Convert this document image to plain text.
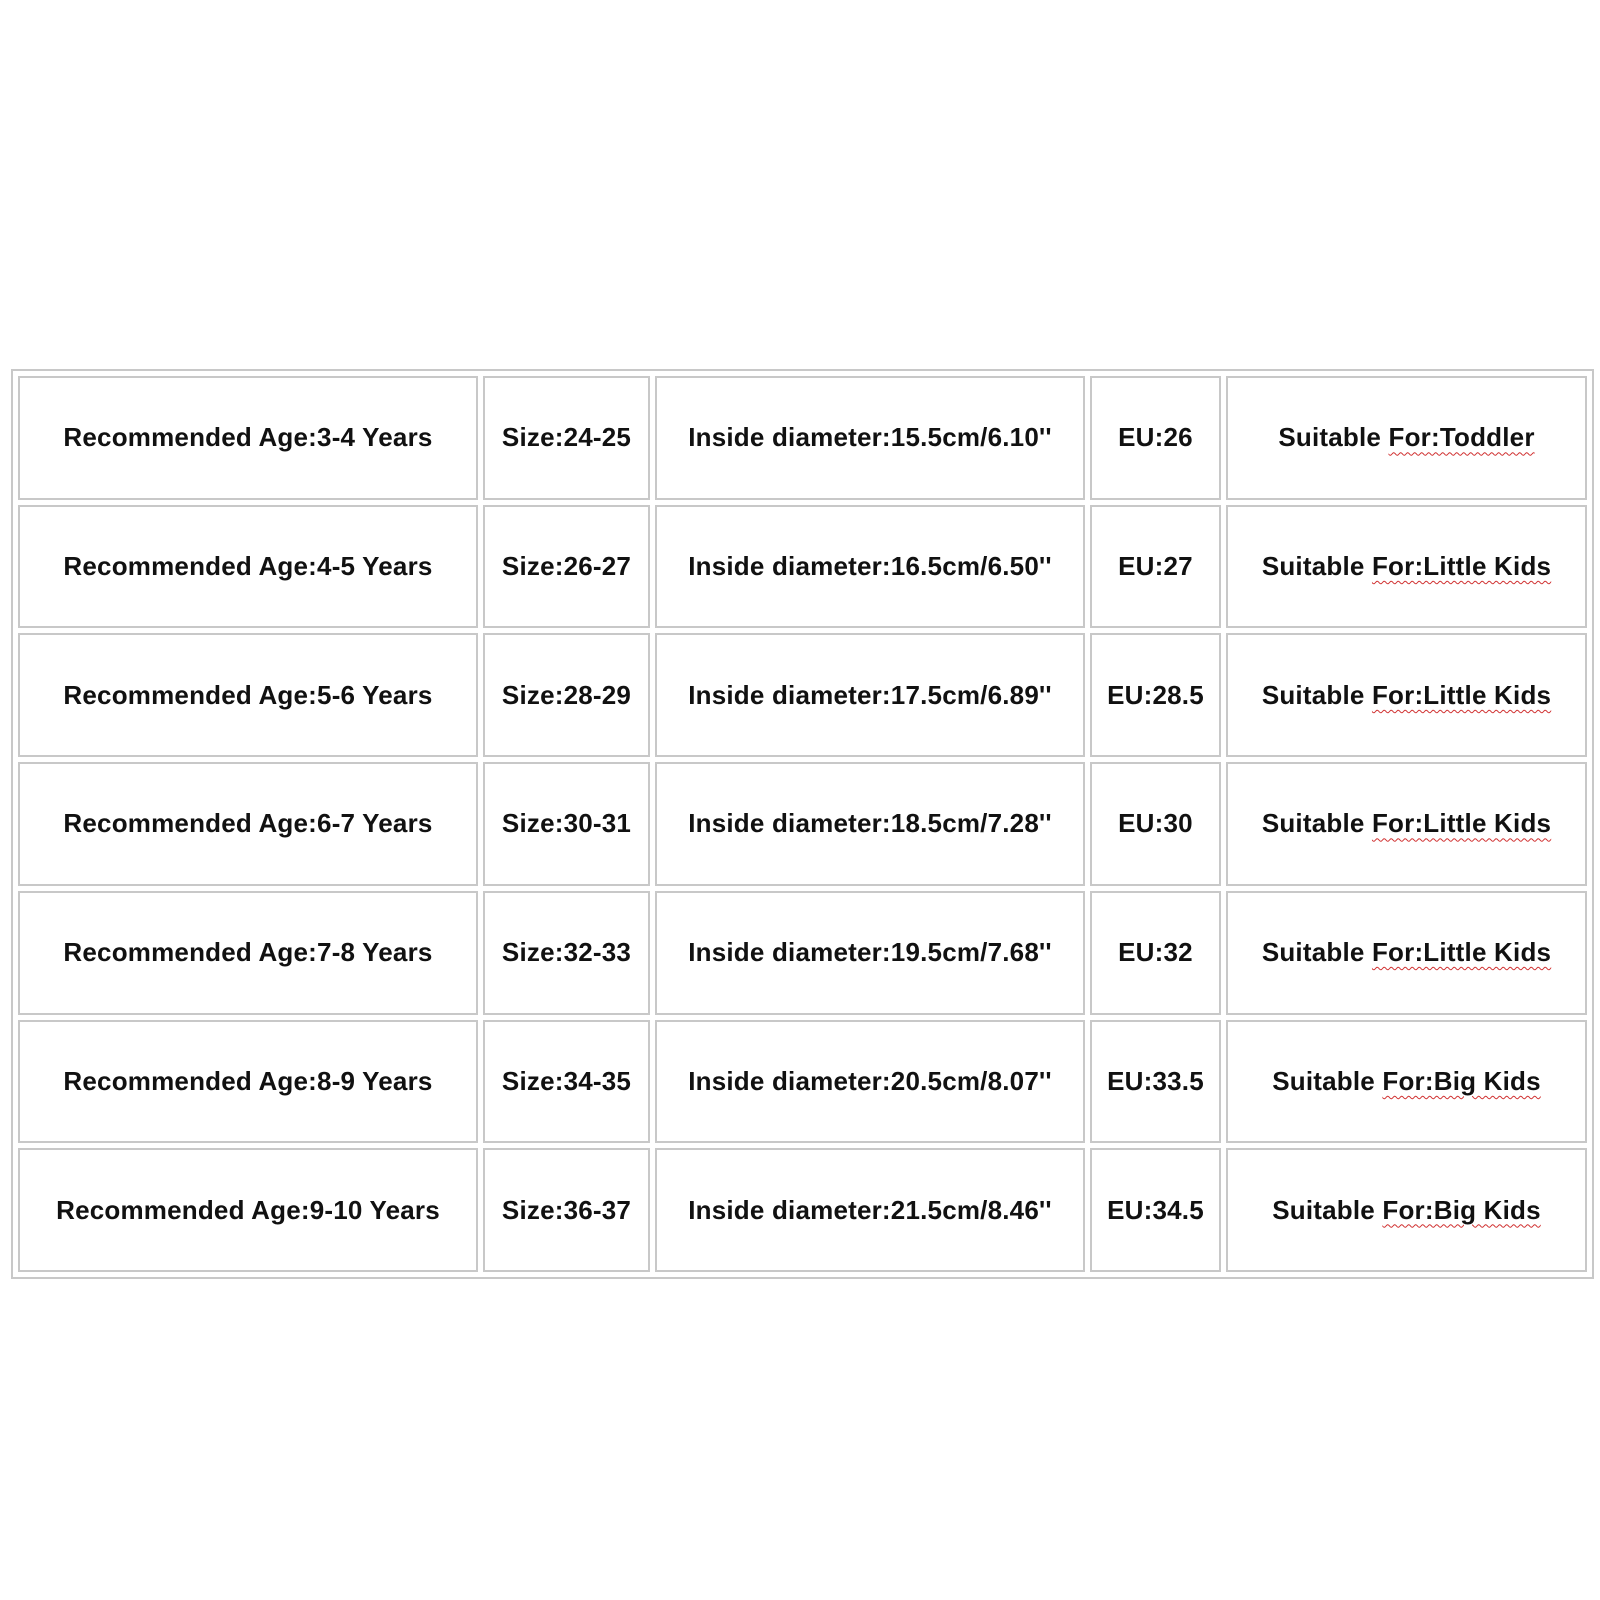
Recommended Age:3-4 Years	Size:24-25	Inside diameter:15.5cm/6.10''	EU:26	Suitable For:Toddler
Recommended Age:4-5 Years	Size:26-27	Inside diameter:16.5cm/6.50''	EU:27	Suitable For:Little Kids
Recommended Age:5-6 Years	Size:28-29	Inside diameter:17.5cm/6.89''	EU:28.5	Suitable For:Little Kids
Recommended Age:6-7 Years	Size:30-31	Inside diameter:18.5cm/7.28''	EU:30	Suitable For:Little Kids
Recommended Age:7-8 Years	Size:32-33	Inside diameter:19.5cm/7.68''	EU:32	Suitable For:Little Kids
Recommended Age:8-9 Years	Size:34-35	Inside diameter:20.5cm/8.07''	EU:33.5	Suitable For:Big Kids
Recommended Age:9-10 Years	Size:36-37	Inside diameter:21.5cm/8.46''	EU:34.5	Suitable For:Big Kids
